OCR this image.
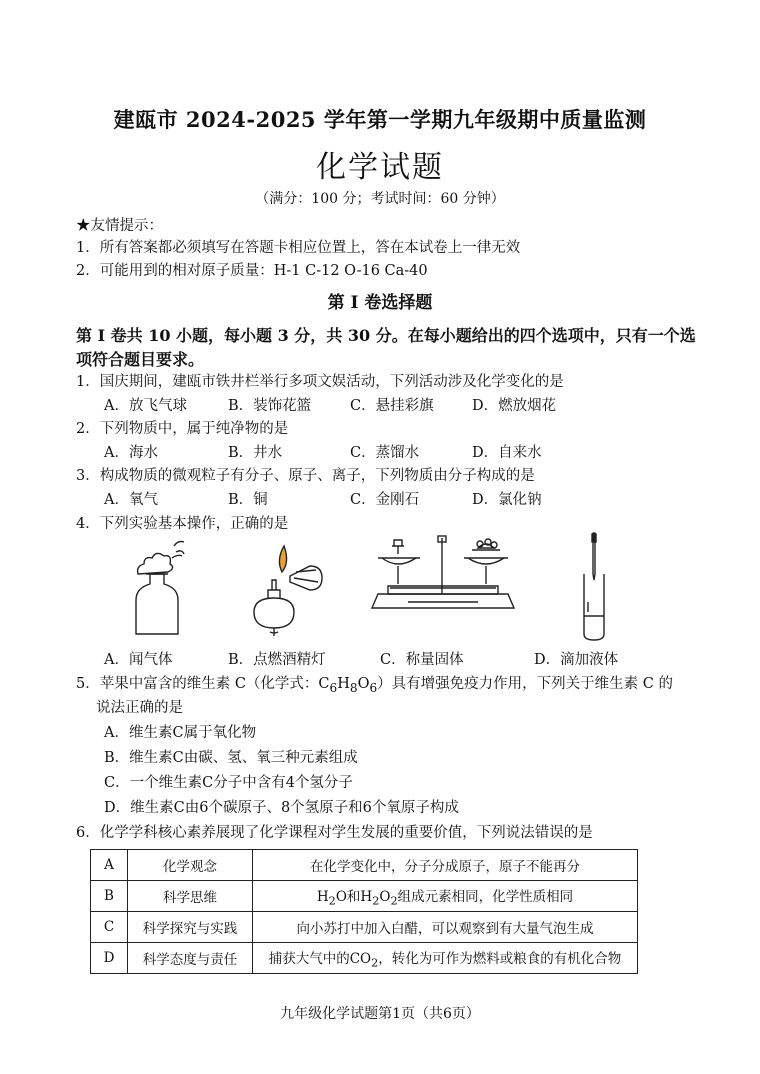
建瓯市 2024-2025 学年第一学期九年级期中质量监测
化学试题
（满分：100 分；考试时间：60 分钟）
★友情提示：
1．所有答案都必须填写在答题卡相应位置上，答在本试卷上一律无效
2．可能用到的相对原子质量：H-1 C-12 O-16 Ca-40
第 I 卷选择题
第 I 卷共 10 小题，每小题 3 分，共 30 分。在每小题给出的四个选项中，只有一个选项符合题目要求。
1．国庆期间，建瓯市铁井栏举行多项文娱活动，下列活动涉及化学变化的是
A．放飞气球	B．装饰花篮	C．悬挂彩旗	D．燃放烟花
2．下列物质中，属于纯净物的是
A．海水	B．井水	C．蒸馏水	D．自来水
3．构成物质的微观粒子有分子、原子、离子，下列物质由分子构成的是
A．氧气	B．铜	C．金刚石	D．氯化钠
4．下列实验基本操作，正确的是
A．闻气体	B．点燃酒精灯	C．称量固体	D．滴加液体
5．苹果中富含的维生素 C（化学式：$C_6H_8O_6$）具有增强免疫力作用，下列关于维生素 C 的
说法正确的是
A．维生素C属于氧化物
B．维生素C由碳、氢、氧三种元素组成
C．一个维生素C分子中含有4个氢分子
D．维生素C由6个碳原子、8个氢原子和6个氧原子构成
6．化学学科核心素养展现了化学课程对学生发展的重要价值，下列说法错误的是
A	化学观念	在化学变化中，分子分成原子，原子不能再分
B	科学思维	$H_2O$和$H_2O_2$组成元素相同，化学性质相同
C	科学探究与实践	向小苏打中加入白醋，可以观察到有大量气泡生成
D	科学态度与责任	捕获大气中的$CO_2$，转化为可作为燃料或粮食的有机化合物
九年级化学试题第1页（共6页）
